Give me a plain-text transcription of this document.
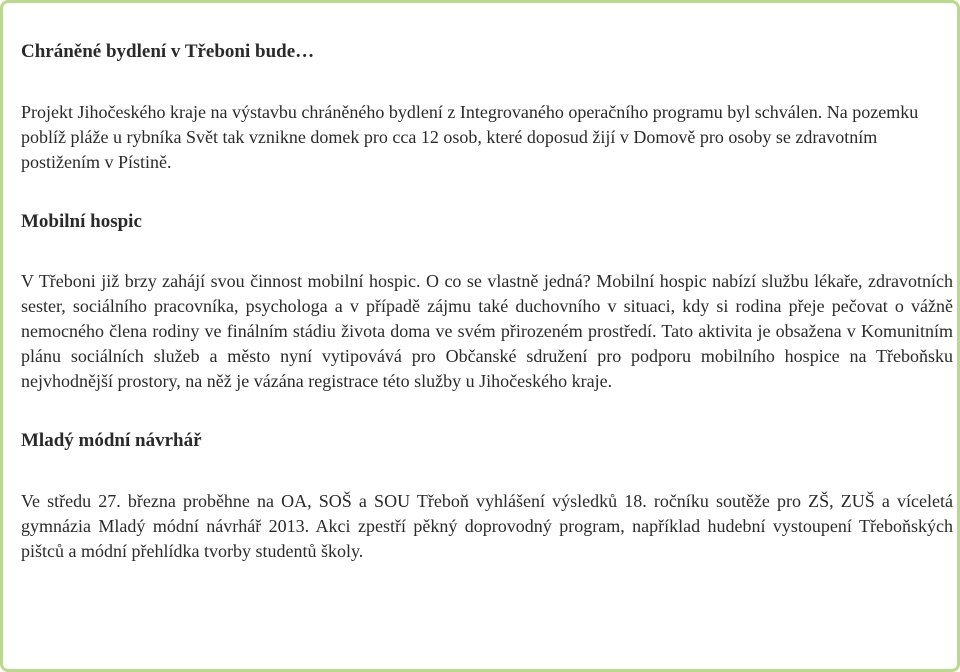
Chráněné bydlení v Třeboni bude…

Projekt Jihočeského kraje na výstavbu chráněného bydlení z Integrovaného operačního programu byl schválen. Na pozemku poblíž pláže u rybníka Svět tak vznikne domek pro cca 12 osob, které doposud žijí v Domově pro osoby se zdravotním postižením v Pístině.

Mobilní hospic

V Třeboni již brzy zahájí svou činnost mobilní hospic. O co se vlastně jedná? Mobilní hospic nabízí službu lékaře, zdravotních sester, sociálního pracovníka, psychologa a v případě zájmu také duchovního v situaci, kdy si rodina přeje pečovat o vážně nemocného člena rodiny ve finálním stádiu života doma ve svém přirozeném prostředí. Tato aktivita je obsažena v Komunitním plánu sociálních služeb a město nyní vytipovává pro Občanské sdružení pro podporu mobilního hospice na Třeboňsku nejvhodnější prostory, na něž je vázána registrace této služby u Jihočeského kraje.

Mladý módní návrhář

Ve středu 27. března proběhne na OA, SOŠ a SOU Třeboň vyhlášení výsledků 18. ročníku soutěže pro ZŠ, ZUŠ a víceletá gymnázia Mladý módní návrhář 2013. Akci zpestří pěkný doprovodný program, například hudební vystoupení Třeboňských pištců a módní přehlídka tvorby studentů školy.
